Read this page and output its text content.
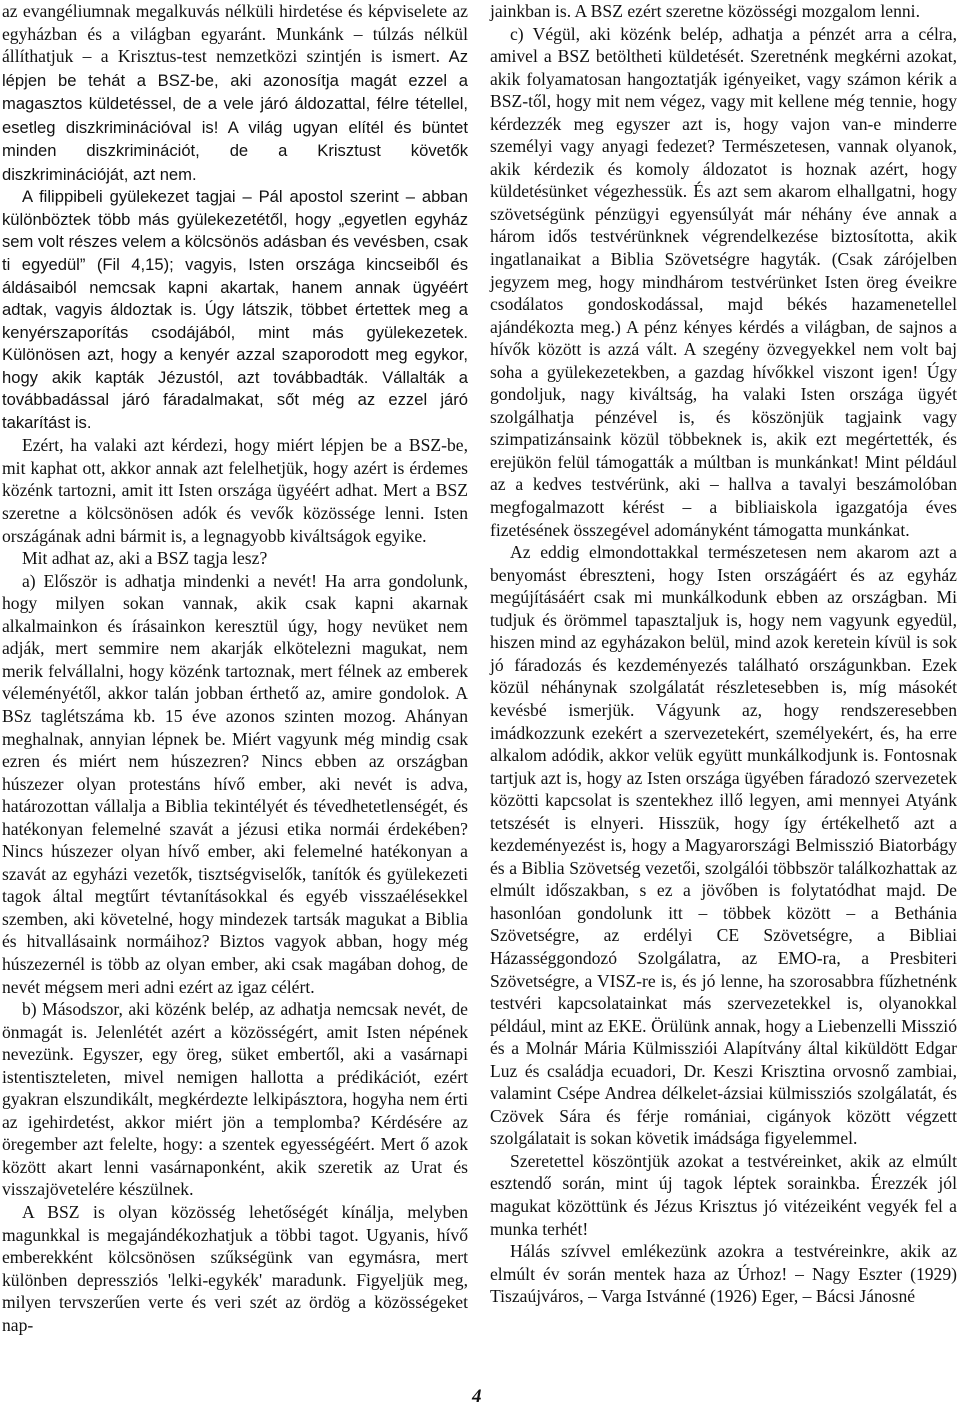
az evangéliumnak megalkuvás nélküli hirdetése és képviselete az egyházban és a világban egyaránt. Munkánk – túlzás nélkül állíthatjuk – a Krisztus-test nemzetközi szintjén is ismert. Az lépjen be tehát a BSZ-be, aki azonosítja magát ezzel a magasztos küldetéssel, de a vele járó áldozattal, félre tétellel, esetleg diszkriminációval is! A világ ugyan elítél és büntet minden diszkriminációt, de a Krisztust követők diszkriminációját, azt nem.

A filippibeli gyülekezet tagjai – Pál apostol szerint – abban különböztek több más gyülekezetétől, hogy „egyetlen egyház sem volt részes velem a kölcsönös adásban és vevésben, csak ti egyedül” (Fil 4,15); vagyis, Isten országa kincseiből és áldásaiból nemcsak kapni akartak, hanem annak ügyéért adtak, vagyis áldoztak is. Úgy látszik, többet értettek meg a kenyérszaporítás csodájából, mint más gyülekezetek. Különösen azt, hogy a kenyér azzal szaporodott meg egykor, hogy akik kapták Jézustól, azt továbbadták. Vállalták a továbbadással járó fáradalmakat, sőt még az ezzel járó takarítást is.

Ezért, ha valaki azt kérdezi, hogy miért lépjen be a BSZ-be, mit kaphat ott, akkor annak azt felelhetjük, hogy azért is érdemes közénk tartozni, amit itt Isten országa ügyéért adhat. Mert a BSZ szeretne a kölcsönösen adók és vevők közössége lenni. Isten országának adni bármit is, a legnagyobb kiváltságok egyike.

Mit adhat az, aki a BSZ tagja lesz?

a) Először is adhatja mindenki a nevét! Ha arra gondolunk, hogy milyen sokan vannak, akik csak kapni akarnak alkalmainkon és írásainkon keresztül úgy, hogy nevüket nem adják, mert semmire nem akarják elkötelezni magukat, nem merik felvállalni, hogy közénk tartoznak, mert félnek az emberek véleményétől, akkor talán jobban érthető az, amire gondolok. A BSz taglétszáma kb. 15 éve azonos szinten mozog. Ahányan meghalnak, annyian lépnek be. Miért vagyunk még mindig csak ezren és miért nem húszezren? Nincs ebben az országban húszezer olyan protestáns hívő ember, aki nevét is adva, határozottan vállalja a Biblia tekintélyét és tévedhetetlenségét, és hatékonyan felemelné szavát a jézusi etika normái érdekében? Nincs húszezer olyan hívő ember, aki felemelné hatékonyan a szavát az egyházi vezetők, tisztségviselők, tanítók és gyülekezeti tagok által megtűrt tévtanításokkal és egyéb visszaélésekkel szemben, aki követelné, hogy mindezek tartsák magukat a Biblia és hitvallásaink normáihoz? Biztos vagyok abban, hogy még húszezernél is több az olyan ember, aki csak magában dohog, de nevét mégsem meri adni ezért az igaz célért.

b) Másodszor, aki közénk belép, az adhatja nemcsak nevét, de önmagát is. Jelenlétét azért a közösségért, amit Isten népének nevezünk. Egyszer, egy öreg, süket embertől, aki a vasárnapi istentiszteleten, mivel nemigen hallotta a prédikációt, ezért gyakran elszundikált, megkérdezte lelkipásztora, hogyha nem érti az igehirdetést, akkor miért jön a templomba? Kérdésére az öregember azt felelte, hogy: a szentek egyességéért. Mert ő azok között akart lenni vasárnaponként, akik szeretik az Urat és visszajövetelére készülnek.

A BSZ is olyan közösség lehetőségét kínálja, melyben magunkkal is megajándékozhatjuk a többi tagot. Ugyanis, hívő emberekként kölcsönösen szűkségünk van egymásra, mert különben depressziós 'lelki-egykék' maradunk. Figyeljük meg, milyen tervszerűen verte és veri szét az ördög a közösségeket nap-

jainkban is. A BSZ ezért szeretne közösségi mozgalom lenni.

c) Végül, aki közénk belép, adhatja a pénzét arra a célra, amivel a BSZ betöltheti küldetését. Szeretnénk megkérni azokat, akik folyamatosan hangoztatják igényeiket, vagy számon kérik a BSZ-től, hogy mit nem végez, vagy mit kellene még tennie, hogy kérdezzék meg egyszer azt is, hogy vajon van-e minderre személyi vagy anyagi fedezet? Természetesen, vannak olyanok, akik kérdezik és komoly áldozatot is hoznak azért, hogy küldetésünket végezhessük. És azt sem akarom elhallgatni, hogy szövetségünk pénzügyi egyensúlyát már néhány éve annak a három idős testvérünknek végrendelkezése biztosította, akik ingatlanaikat a Biblia Szövetségre hagyták. (Csak zárójelben jegyzem meg, hogy mindhárom testvérünket Isten öreg éveikre csodálatos gondoskodással, majd békés hazamenetellel ajándékozta meg.) A pénz kényes kérdés a világban, de sajnos a hívők között is azzá vált. A szegény özvegyekkel nem volt baj soha a gyülekezetekben, a gazdag hívőkkel viszont igen! Úgy gondoljuk, nagy kiváltság, ha valaki Isten országa ügyét szolgálhatja pénzével is, és köszönjük tagjaink vagy szimpatizánsaink közül többeknek is, akik ezt megértették, és erejükön felül támogatták a múltban is munkánkat! Mint például az a kedves testvérünk, aki – hallva a tavalyi beszámolóban megfogalmazott kérést – a bibliaiskola igazgatója éves fizetésének összegével adományként támogatta munkánkat.

Az eddig elmondottakkal természetesen nem akarom azt a benyomást ébreszteni, hogy Isten országáért és az egyház megújításáért csak mi munkálkodunk ebben az országban. Mi tudjuk és örömmel tapasztaljuk is, hogy nem vagyunk egyedül, hiszen mind az egyházakon belül, mind azok keretein kívül is sok jó fáradozás és kezdeményezés található országunkban. Ezek közül néhánynak szolgálatát részletesebben is, míg másokét kevésbé ismerjük. Vágyunk az, hogy rendszeresebben imádkozzunk ezekért a szervezetekért, személyekért, és, ha erre alkalom adódik, akkor velük együtt munkálkodjunk is. Fontosnak tartjuk azt is, hogy az Isten országa ügyében fáradozó szervezetek közötti kapcsolat is szentekhez illő legyen, ami mennyei Atyánk tetszését is elnyeri. Hisszük, hogy így értékelhető azt a kezdeményezést is, hogy a Magyarországi Belmisszió Biatorbágy és a Biblia Szövetség vezetői, szolgálói többször találkozhattak az elmúlt időszakban, s ez a jövőben is folytatódhat majd. De hasonlóan gondolunk itt – többek között – a Bethánia Szövetségre, az erdélyi CE Szövetségre, a Bibliai Házasséggondozó Szolgálatra, az EMO-ra, a Presbiteri Szövetségre, a VISZ-re is, és jó lenne, ha szorosabbra fűzhetnénk testvéri kapcsolatainkat más szervezetekkel is, olyanokkal például, mint az EKE. Örülünk annak, hogy a Liebenzelli Misszió és a Molnár Mária Külmissziói Alapítvány által kiküldött Edgar Luz és családja ecuadori, Dr. Keszi Krisztina orvosnő zambiai, valamint Csépe Andrea délkelet-ázsiai külmissziós szolgálatát, és Czövek Sára és férje romániai, cigányok között végzett szolgálatait is sokan követik imádsága figyelemmel.

Szeretettel köszöntjük azokat a testvéreinket, akik az elmúlt esztendő során, mint új tagok léptek sorainkba. Érezzék jól magukat közöttünk és Jézus Krisztus jó vitézeiként vegyék fel a munka terhét!

Hálás szívvel emlékezünk azokra a testvéreinkre, akik az elmúlt év során mentek haza az Úrhoz! – Nagy Eszter (1929) Tiszaújváros, – Varga Istvánné (1926) Eger, – Bácsi Jánosné

4
